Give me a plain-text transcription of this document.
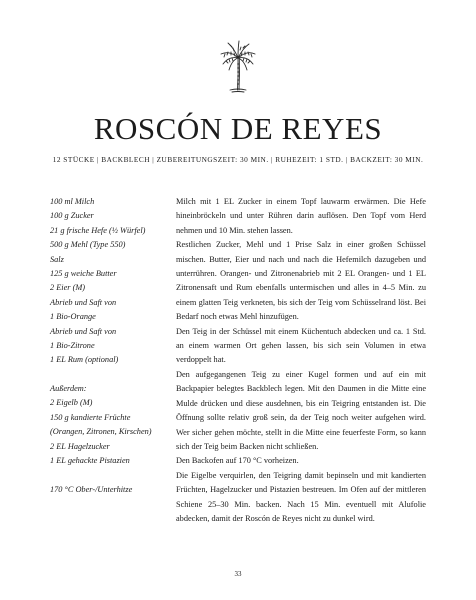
ROSCÓN DE REYES
12 STÜCKE | BACKBLECH | ZUBEREITUNGSZEIT: 30 MIN. | RUHEZEIT: 1 STD. | BACKZEIT: 30 MIN.
100 ml Milch
100 g Zucker
21 g frische Hefe (½ Würfel)
500 g Mehl (Type 550)
Salz
125 g weiche Butter
2 Eier (M)
Abrieb und Saft von
1 Bio-Orange
Abrieb und Saft von
1 Bio-Zitrone
1 EL Rum (optional)
Außerdem:
2 Eigelb (M)
150 g kandierte Früchte
(Orangen, Zitronen, Kirschen)
2 EL Hagelzucker
1 EL gehackte Pistazien
170 °C Ober-/Unterhitze

Milch mit 1 EL Zucker in einem Topf lauwarm erwärmen. Die Hefe hineinbröckeln und unter Rühren darin auflösen. Den Topf vom Herd nehmen und 10 Min. stehen lassen.

Restlichen Zucker, Mehl und 1 Prise Salz in einer großen Schüssel mischen. Butter, Eier und nach und nach die Hefemilch dazugeben und unterrühren. Orangen- und Zitronenabrieb mit 2 EL Orangen- und 1 EL Zitronensaft und Rum ebenfalls untermischen und alles in 4–5 Min. zu einem glatten Teig verkneten, bis sich der Teig vom Schüsselrand löst. Bei Bedarf noch etwas Mehl hinzufügen.

Den Teig in der Schüssel mit einem Küchentuch abdecken und ca. 1 Std. an einem warmen Ort gehen lassen, bis sich sein Volumen in etwa verdoppelt hat.

Den aufgegangenen Teig zu einer Kugel formen und auf ein mit Backpapier belegtes Backblech legen. Mit den Daumen in die Mitte eine Mulde drücken und diese ausdehnen, bis ein Teigring entstanden ist. Die Öffnung sollte relativ groß sein, da der Teig noch weiter aufgehen wird. Wer sicher gehen möchte, stellt in die Mitte eine feuerfeste Form, so kann sich der Teig beim Backen nicht schließen.

Den Backofen auf 170 °C vorheizen.

Die Eigelbe verquirlen, den Teigring damit bepinseln und mit kandierten Früchten, Hagelzucker und Pistazien bestreuen. Im Ofen auf der mittleren Schiene 25–30 Min. backen. Nach 15 Min. eventuell mit Alufolie abdecken, damit der Roscón de Reyes nicht zu dunkel wird.

33
